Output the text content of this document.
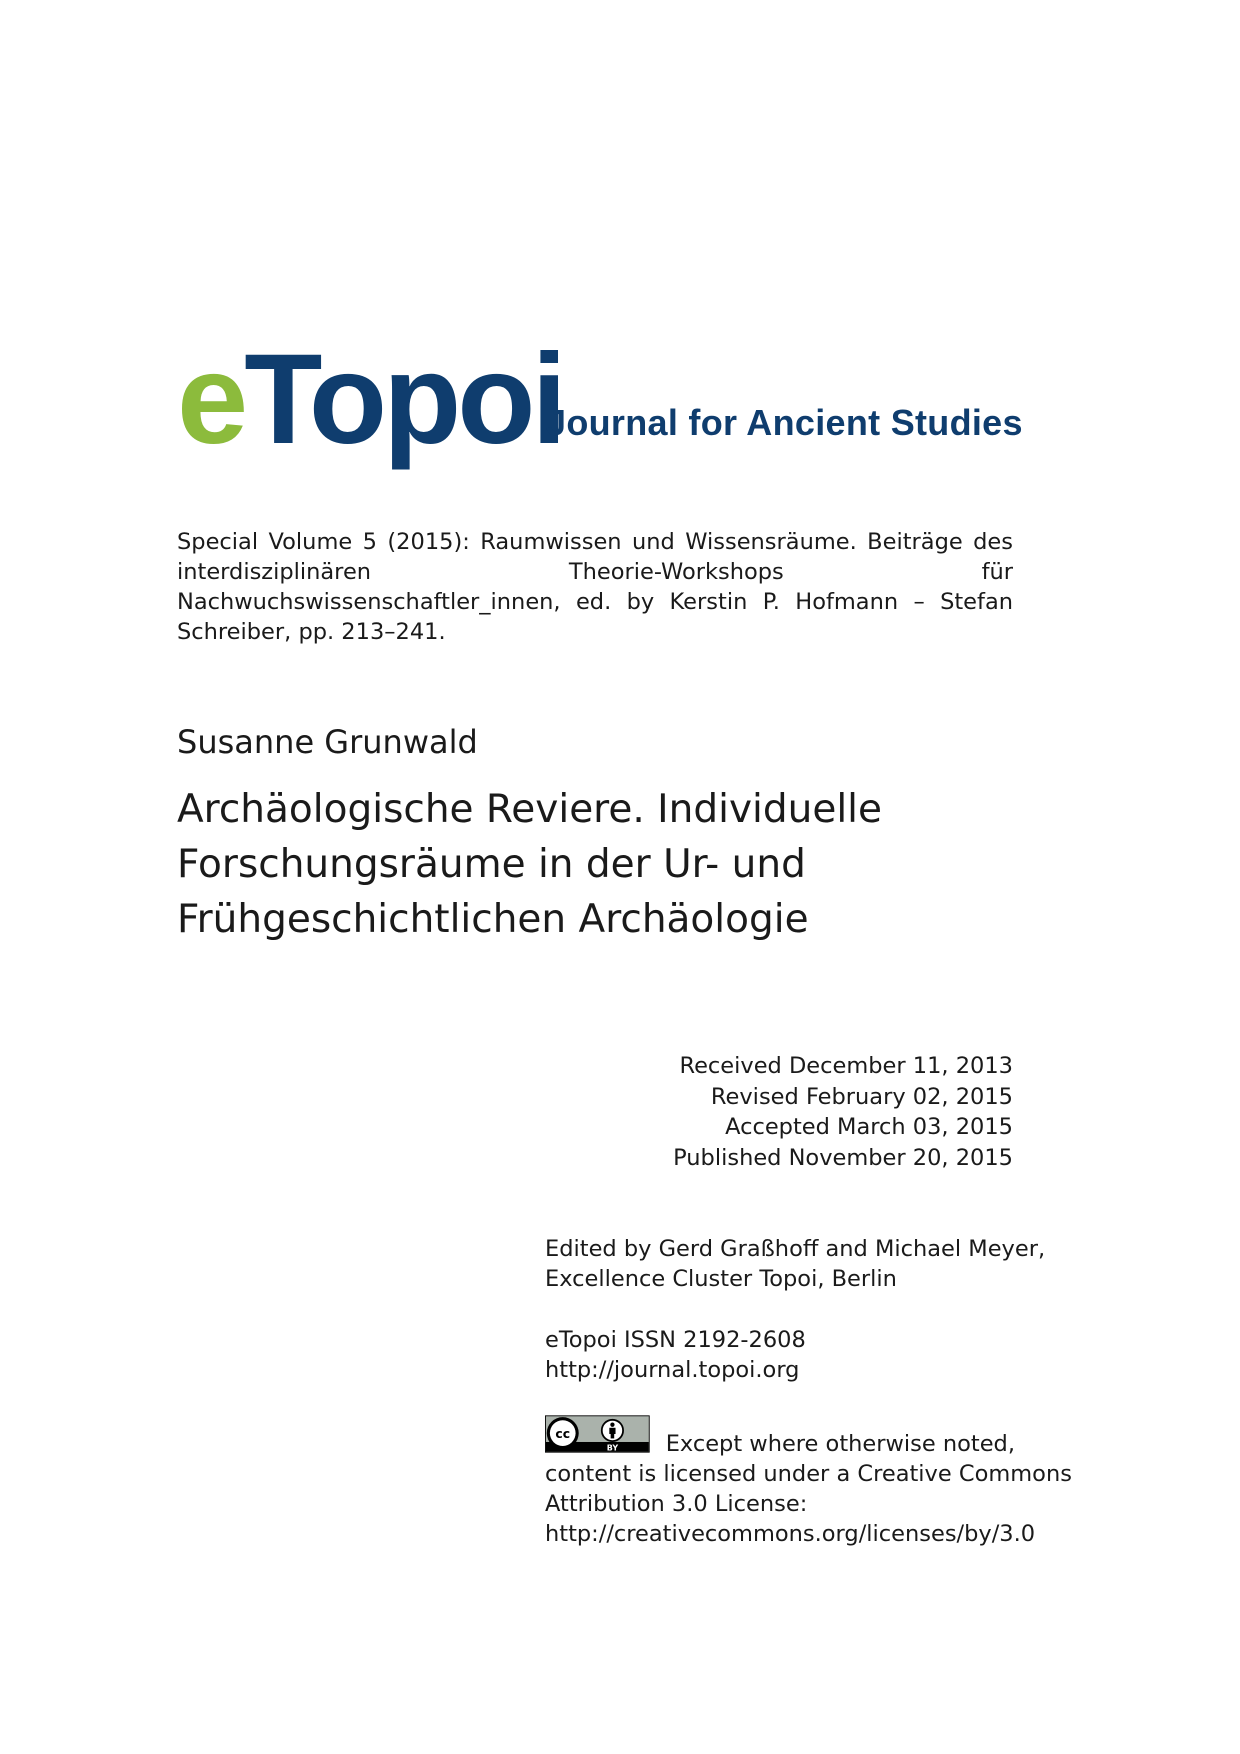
eTopoi
Journal for Ancient Studies
Special Volume 5 (2015): Raumwissen und Wissensräume. Beiträge des interdisziplinären Theorie-Workshops für Nachwuchswissenschaftler_innen, ed. by Kerstin P. Hofmann – Stefan Schreiber, pp. 213–241.
Susanne Grunwald
Archäologische Reviere. Individuelle
Forschungsräume in der Ur- und
Frühgeschichtlichen Archäologie
Received December 11, 2013
Revised February 02, 2015
Accepted March 03, 2015
Published November 20, 2015
Edited by Gerd Graßhoff and Michael Meyer,
Excellence Cluster Topoi, Berlin
eTopoi ISSN 2192-2608
http://journal.topoi.org
cc
BY Except where otherwise noted,
content is licensed under a Creative Commons
Attribution 3.0 License:
http://creativecommons.org/licenses/by/3.0
